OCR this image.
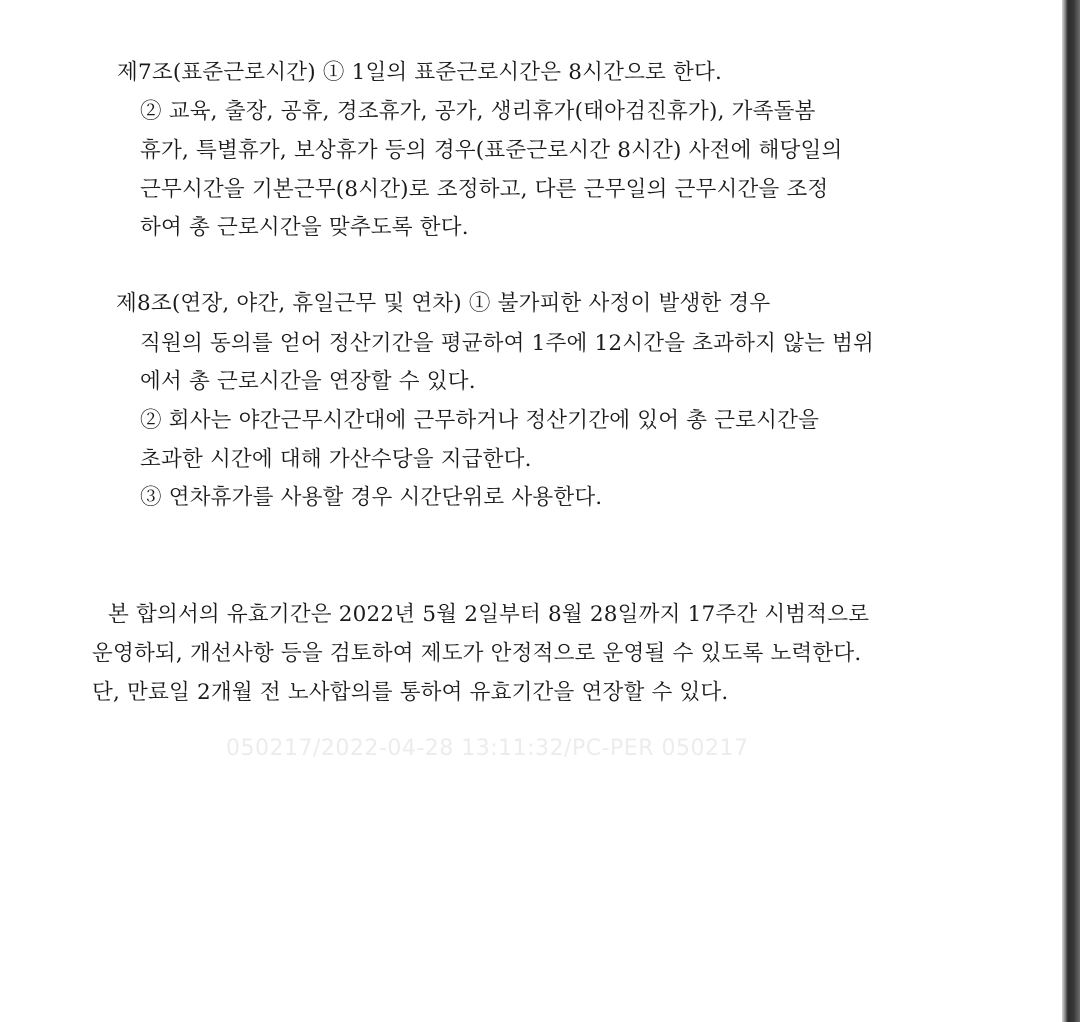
제7조(표준근로시간) ① 1일의 표준근로시간은 8시간으로 한다.
② 교육, 출장, 공휴, 경조휴가, 공가, 생리휴가(태아검진휴가), 가족돌봄
휴가, 특별휴가, 보상휴가 등의 경우(표준근로시간 8시간) 사전에 해당일의
근무시간을 기본근무(8시간)로 조정하고, 다른 근무일의 근무시간을 조정
하여 총 근로시간을 맞추도록 한다.
제8조(연장, 야간, 휴일근무 및 연차) ① 불가피한 사정이 발생한 경우
직원의 동의를 얻어 정산기간을 평균하여 1주에 12시간을 초과하지 않는 범위
에서 총 근로시간을 연장할 수 있다.
② 회사는 야간근무시간대에 근무하거나 정산기간에 있어 총 근로시간을
초과한 시간에 대해 가산수당을 지급한다.
③ 연차휴가를 사용할 경우 시간단위로 사용한다.
본 합의서의 유효기간은 2022년 5월 2일부터 8월 28일까지 17주간 시범적으로
운영하되, 개선사항 등을 검토하여 제도가 안정적으로 운영될 수 있도록 노력한다.
단, 만료일 2개월 전 노사합의를 통하여 유효기간을 연장할 수 있다.
050217/2022-04-28 13:11:32/PC-PER 050217
